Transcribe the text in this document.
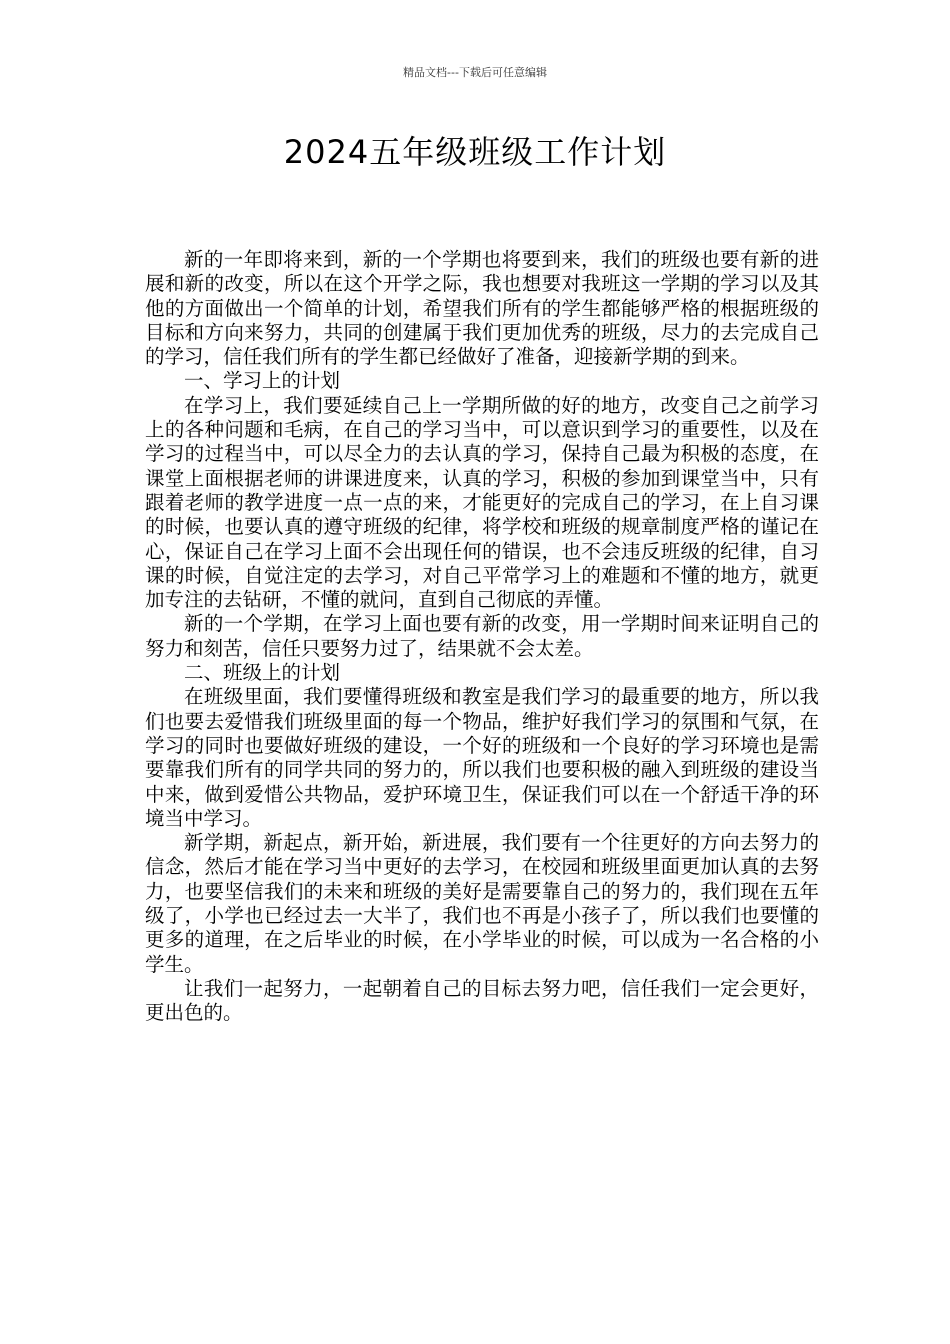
精品文档---下载后可任意编辑
2024五年级班级工作计划

新的一年即将来到，新的一个学期也将要到来，我们的班级也要有新的进展和新的改变，所以在这个开学之际，我也想要对我班这一学期的学习以及其他的方面做出一个简单的计划，希望我们所有的学生都能够严格的根据班级的目标和方向来努力，共同的创建属于我们更加优秀的班级，尽力的去完成自己的学习，信任我们所有的学生都已经做好了准备，迎接新学期的到来。

一、学习上的计划

在学习上，我们要延续自己上一学期所做的好的地方，改变自己之前学习上的各种问题和毛病，在自己的学习当中，可以意识到学习的重要性，以及在学习的过程当中，可以尽全力的去认真的学习，保持自己最为积极的态度，在课堂上面根据老师的讲课进度来，认真的学习，积极的参加到课堂当中，只有跟着老师的教学进度一点一点的来，才能更好的完成自己的学习，在上自习课的时候，也要认真的遵守班级的纪律，将学校和班级的规章制度严格的谨记在心，保证自己在学习上面不会出现任何的错误，也不会违反班级的纪律，自习课的时候，自觉注定的去学习，对自己平常学习上的难题和不懂的地方，就更加专注的去钻研，不懂的就问，直到自己彻底的弄懂。

新的一个学期，在学习上面也要有新的改变，用一学期时间来证明自己的努力和刻苦，信任只要努力过了，结果就不会太差。

二、班级上的计划

在班级里面，我们要懂得班级和教室是我们学习的最重要的地方，所以我们也要去爱惜我们班级里面的每一个物品，维护好我们学习的氛围和气氛，在学习的同时也要做好班级的建设，一个好的班级和一个良好的学习环境也是需要靠我们所有的同学共同的努力的，所以我们也要积极的融入到班级的建设当中来，做到爱惜公共物品，爱护环境卫生，保证我们可以在一个舒适干净的环境当中学习。

新学期，新起点，新开始，新进展，我们要有一个往更好的方向去努力的信念，然后才能在学习当中更好的去学习，在校园和班级里面更加认真的去努力，也要坚信我们的未来和班级的美好是需要靠自己的努力的，我们现在五年级了，小学也已经过去一大半了，我们也不再是小孩子了，所以我们也要懂的更多的道理，在之后毕业的时候，在小学毕业的时候，可以成为一名合格的小学生。

让我们一起努力，一起朝着自己的目标去努力吧，信任我们一定会更好，更出色的。
